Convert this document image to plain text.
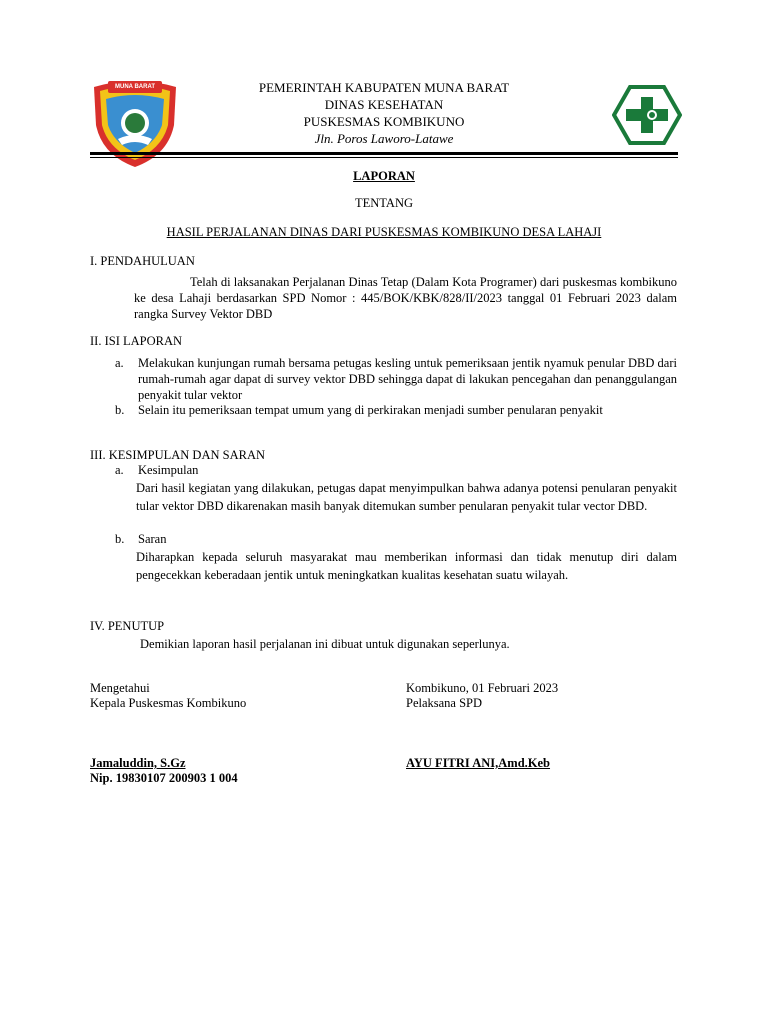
MUNA BARAT	PEMERINTAH KABUPATEN MUNA BARAT
DINAS KESEHATAN
PUSKESMAS KOMBIKUNO
Jln. Poros Laworo-Latawe
LAPORAN
TENTANG
HASIL PERJALANAN DINAS DARI PUSKESMAS KOMBIKUNO DESA LAHAJI
I. PENDAHULUAN
Telah di laksanakan Perjalanan Dinas Tetap (Dalam Kota Programer) dari puskesmas kombikuno ke desa Lahaji berdasarkan SPD Nomor : 445/BOK/KBK/828/II/2023 tanggal 01 Februari 2023 dalam rangka Survey Vektor DBD
II. ISI LAPORAN
a. Melakukan kunjungan rumah bersama petugas kesling untuk pemeriksaan jentik nyamuk penular DBD dari rumah-rumah agar dapat di survey vektor DBD sehingga dapat di lakukan pencegahan dan penanggulangan penyakit tular vektor
b. Selain itu pemeriksaan tempat umum yang di perkirakan menjadi sumber penularan penyakit
III. KESIMPULAN DAN SARAN
a. Kesimpulan
Dari hasil kegiatan yang dilakukan, petugas dapat menyimpulkan bahwa adanya potensi penularan penyakit tular vektor DBD dikarenakan masih banyak ditemukan sumber penularan penyakit tular vector DBD.
b. Saran
Diharapkan kepada seluruh masyarakat mau memberikan informasi dan tidak menutup diri dalam pengecekkan keberadaan jentik untuk meningkatkan kualitas kesehatan suatu wilayah.
IV. PENUTUP
Demikian laporan hasil perjalanan ini dibuat untuk digunakan seperlunya.
Mengetahui
Kepala Puskesmas Kombikuno
Kombikuno, 01 Februari 2023
Pelaksana SPD
Jamaluddin, S.Gz
Nip. 19830107 200903 1 004
AYU FITRI ANI,Amd.Keb
